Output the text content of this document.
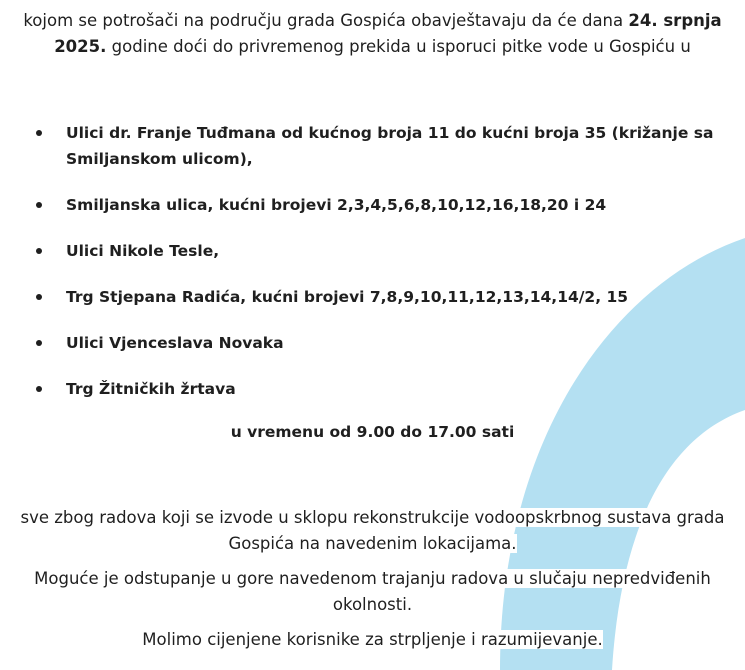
kojom se potrošači na području grada Gospića obavještavaju da će dana 24. srpnja 2025. godine doći do privremenog prekida u isporuci pitke vode u Gospiću u

Ulici dr. Franje Tuđmana od kućnog broja 11 do kućni broja 35 (križanje sa Smiljanskom ulicom),
Smiljanska ulica, kućni brojevi 2,3,4,5,6,8,10,12,16,18,20 i 24
Ulici Nikole Tesle,
Trg Stjepana Radića, kućni brojevi 7,8,9,10,11,12,13,14,14/2, 15
Ulici Vjenceslava Novaka
Trg Žitničkih žrtava

u vremenu od 9.00 do 17.00 sati

sve zbog radova koji se izvode u sklopu rekonstrukcije vodoopskrbnog sustava grada Gospića na navedenim lokacijama.

Moguće je odstupanje u gore navedenom trajanju radova u slučaju nepredviđenih okolnosti.

Molimo cijenjene korisnike za strpljenje i razumijevanje.
